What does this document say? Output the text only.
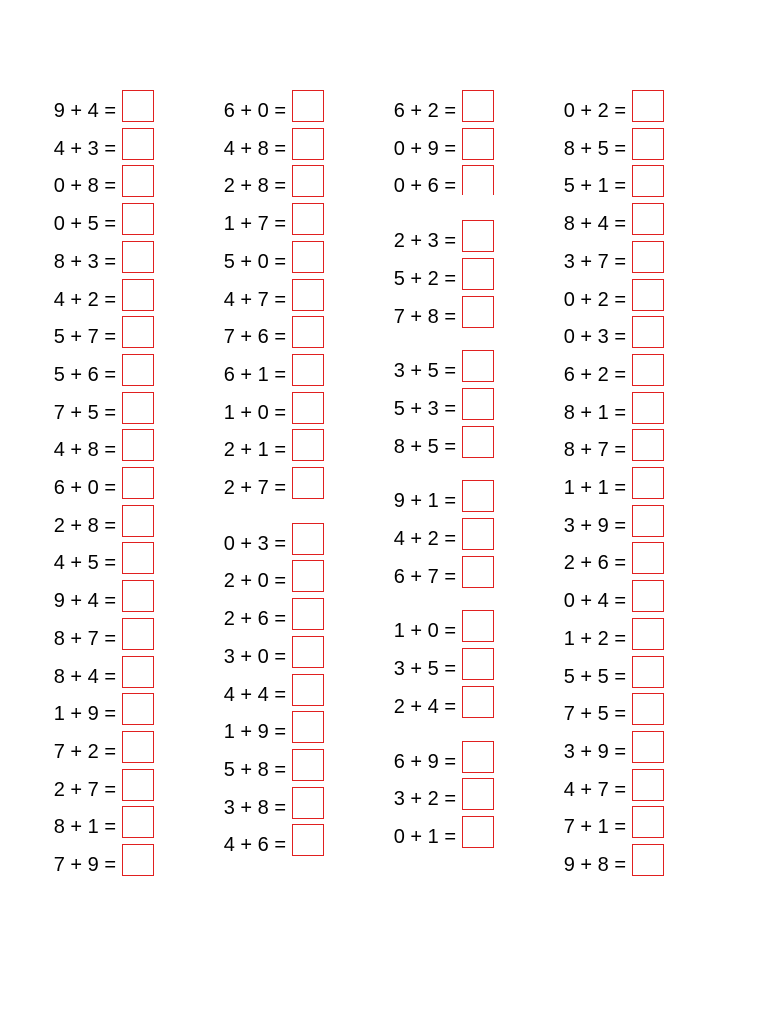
9 + 4 =
4 + 3 =
0 + 8 =
0 + 5 =
8 + 3 =
4 + 2 =
5 + 7 =
5 + 6 =
7 + 5 =
4 + 8 =
6 + 0 =
2 + 8 =
4 + 5 =
9 + 4 =
8 + 7 =
8 + 4 =
1 + 9 =
7 + 2 =
2 + 7 =
8 + 1 =
7 + 9 =
6 + 0 =
4 + 8 =
2 + 8 =
1 + 7 =
5 + 0 =
4 + 7 =
7 + 6 =
6 + 1 =
1 + 0 =
2 + 1 =
2 + 7 =
0 + 3 =
2 + 0 =
2 + 6 =
3 + 0 =
4 + 4 =
1 + 9 =
5 + 8 =
3 + 8 =
4 + 6 =
6 + 2 =
0 + 9 =
0 + 6 =
2 + 3 =
5 + 2 =
7 + 8 =
3 + 5 =
5 + 3 =
8 + 5 =
9 + 1 =
4 + 2 =
6 + 7 =
1 + 0 =
3 + 5 =
2 + 4 =
6 + 9 =
3 + 2 =
0 + 1 =
0 + 2 =
8 + 5 =
5 + 1 =
8 + 4 =
3 + 7 =
0 + 2 =
0 + 3 =
6 + 2 =
8 + 1 =
8 + 7 =
1 + 1 =
3 + 9 =
2 + 6 =
0 + 4 =
1 + 2 =
5 + 5 =
7 + 5 =
3 + 9 =
4 + 7 =
7 + 1 =
9 + 8 =
